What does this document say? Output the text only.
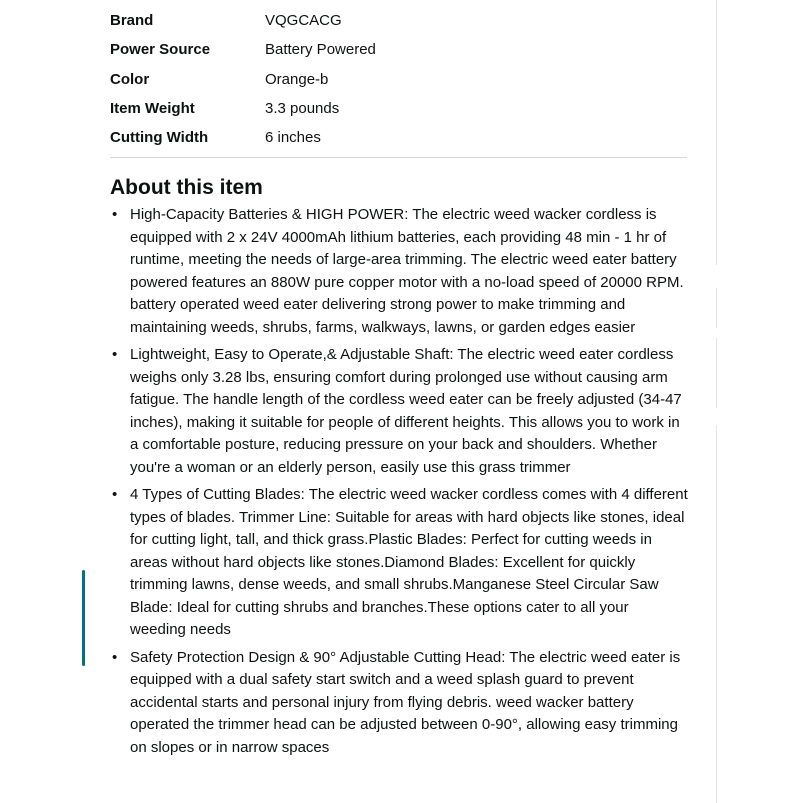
Brand	VQGCACG
Power Source	Battery Powered
Color	Orange-b
Item Weight	3.3 pounds
Cutting Width	6 inches
About this item
• High-Capacity Batteries & HIGH POWER: The electric weed wacker cordless is equipped with 2 x 24V 4000mAh lithium batteries, each providing 48 min - 1 hr of runtime, meeting the needs of large-area trimming. The electric weed eater battery powered features an 880W pure copper motor with a no-load speed of 20000 RPM. battery operated weed eater delivering strong power to make trimming and maintaining weeds, shrubs, farms, walkways, lawns, or garden edges easier
• Lightweight, Easy to Operate,& Adjustable Shaft: The electric weed eater cordless weighs only 3.28 lbs, ensuring comfort during prolonged use without causing arm fatigue. The handle length of the cordless weed eater can be freely adjusted (34-47 inches), making it suitable for people of different heights. This allows you to work in a comfortable posture, reducing pressure on your back and shoulders. Whether you're a woman or an elderly person, easily use this grass trimmer
• 4 Types of Cutting Blades: The electric weed wacker cordless comes with 4 different types of blades. Trimmer Line: Suitable for areas with hard objects like stones, ideal for cutting light, tall, and thick grass.Plastic Blades: Perfect for cutting weeds in areas without hard objects like stones.Diamond Blades: Excellent for quickly trimming lawns, dense weeds, and small shrubs.Manganese Steel Circular Saw Blade: Ideal for cutting shrubs and branches.These options cater to all your weeding needs
• Safety Protection Design & 90° Adjustable Cutting Head: The electric weed eater is equipped with a dual safety start switch and a weed splash guard to prevent accidental starts and personal injury from flying debris. weed wacker battery operated the trimmer head can be adjusted between 0-90°, allowing easy trimming on slopes or in narrow spaces
